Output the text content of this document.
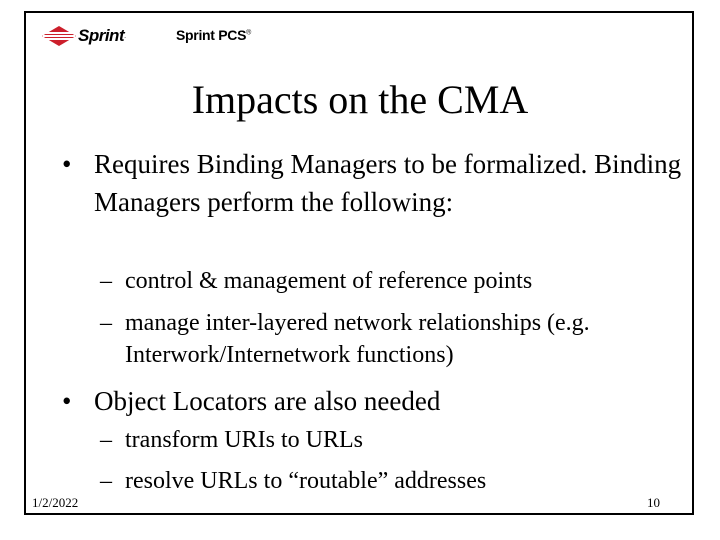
Sprint .	Sprint PCS®
Impacts on the CMA
• Requires Binding Managers to be formalized. Binding Managers perform the following:
– control & management of reference points
– manage inter-layered network relationships (e.g. Interwork/Internetwork functions)
• Object Locators are also needed
– transform URIs to URLs
– resolve URLs to “routable” addresses
1/2/2022	10
